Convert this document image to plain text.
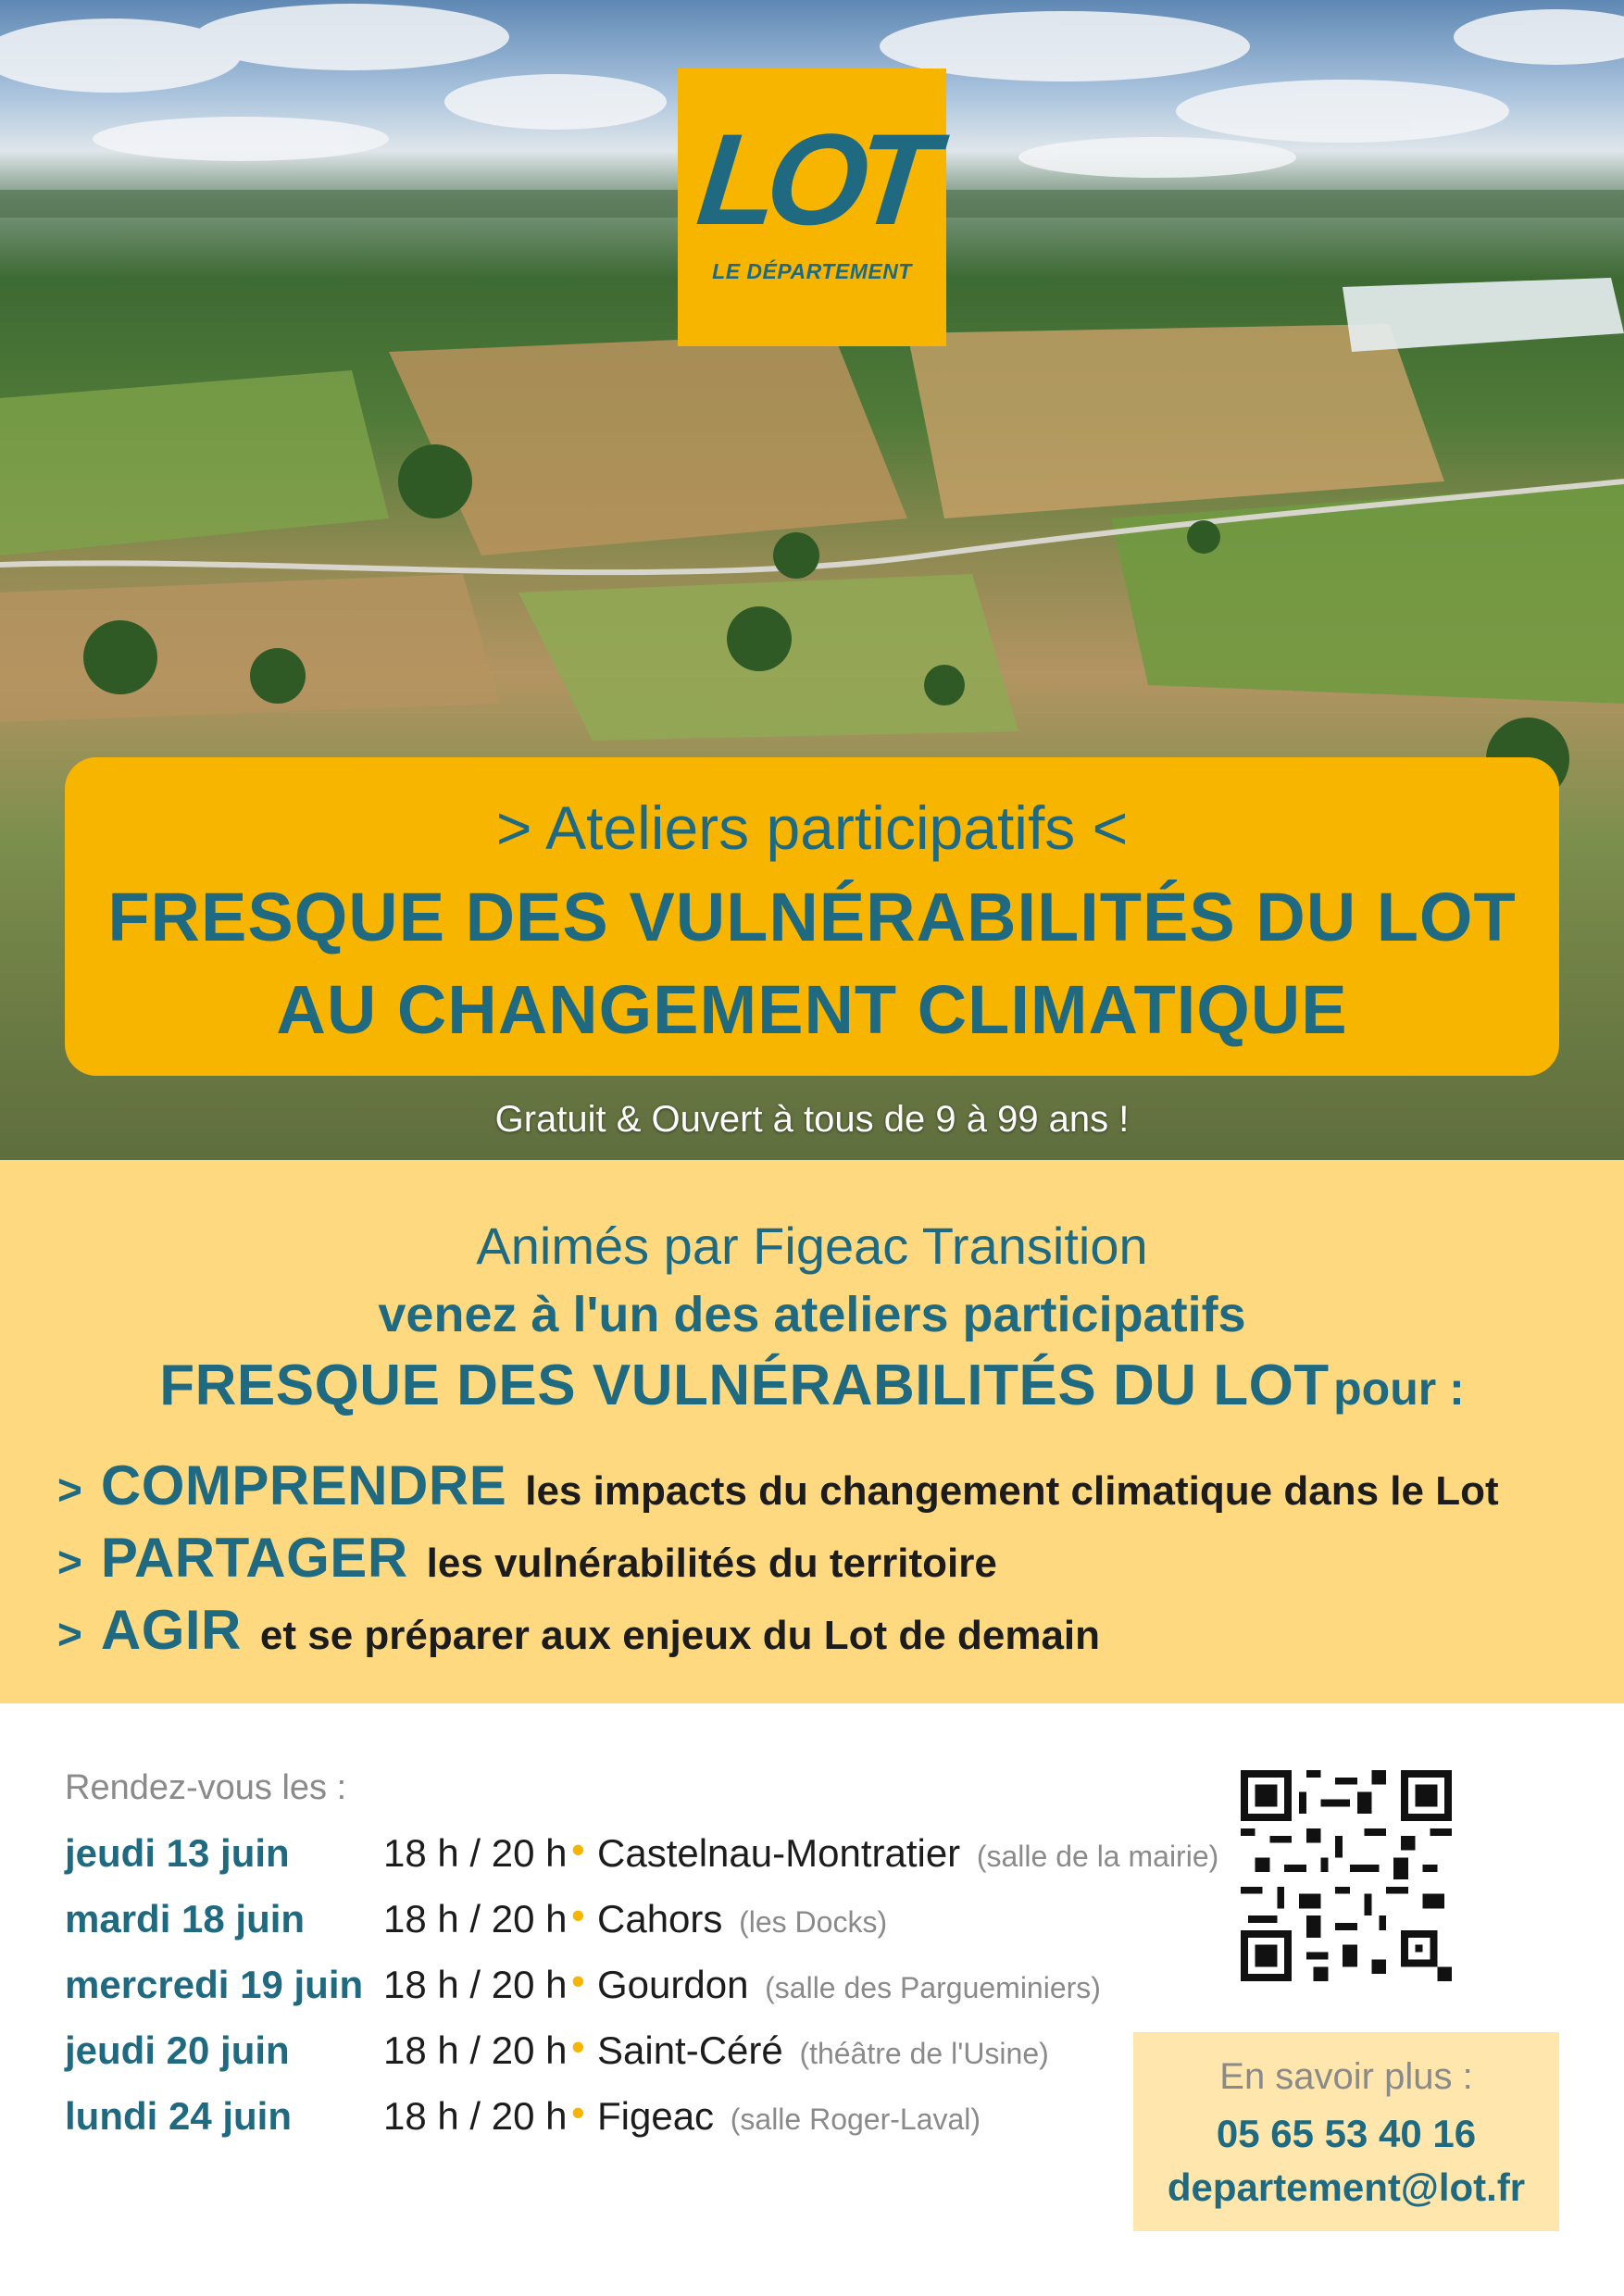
LOT
LE DÉPARTEMENT
> Ateliers participatifs <
FRESQUE DES VULNÉRABILITÉS DU LOT
AU CHANGEMENT CLIMATIQUE
Gratuit & Ouvert à tous de 9 à 99 ans !
Animés par Figeac Transition
venez à l'un des ateliers participatifs
FRESQUE DES VULNÉRABILITÉS DU LOT pour :
> COMPRENDRE les impacts du changement climatique dans le Lot
> PARTAGER les vulnérabilités du territoire
> AGIR et se préparer aux enjeux du Lot de demain
Rendez-vous les :
jeudi 13 juin 18 h / 20 h • Castelnau-Montratier (salle de la mairie)
mardi 18 juin 18 h / 20 h • Cahors (les Docks)
mercredi 19 juin 18 h / 20 h • Gourdon (salle des Pargueminiers)
jeudi 20 juin 18 h / 20 h • Saint-Céré (théâtre de l'Usine)
lundi 24 juin 18 h / 20 h • Figeac (salle Roger-Laval)
En savoir plus :
05 65 53 40 16
departement@lot.fr
